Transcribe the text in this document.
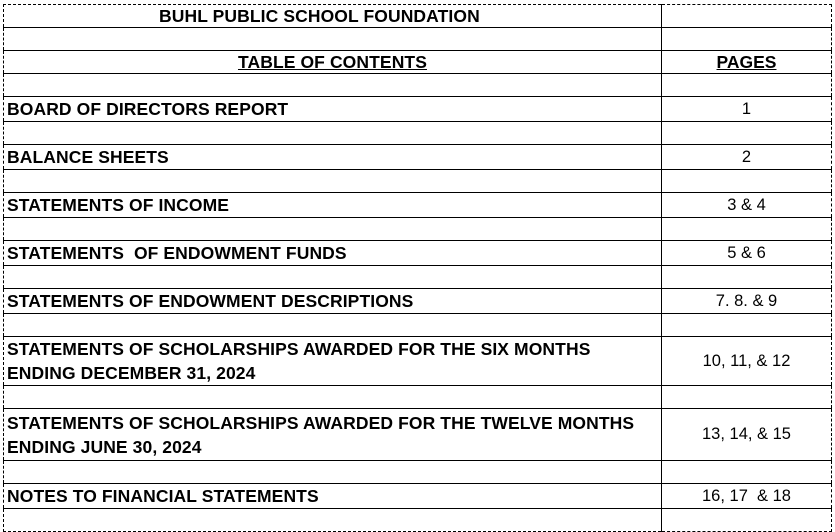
BUHL PUBLIC SCHOOL FOUNDATION	

TABLE OF CONTENTS	PAGES

BOARD OF DIRECTORS REPORT	1

BALANCE SHEETS	2

STATEMENTS OF INCOME	3 & 4

STATEMENTS  OF ENDOWMENT FUNDS	5 & 6

STATEMENTS OF ENDOWMENT DESCRIPTIONS	7. 8. & 9

STATEMENTS OF SCHOLARSHIPS AWARDED FOR THE SIX MONTHS ENDING DECEMBER 31, 2024	10, 11, & 12

STATEMENTS OF SCHOLARSHIPS AWARDED FOR THE TWELVE MONTHS ENDING JUNE 30, 2024	13, 14, & 15

NOTES TO FINANCIAL STATEMENTS	16, 17  & 18
